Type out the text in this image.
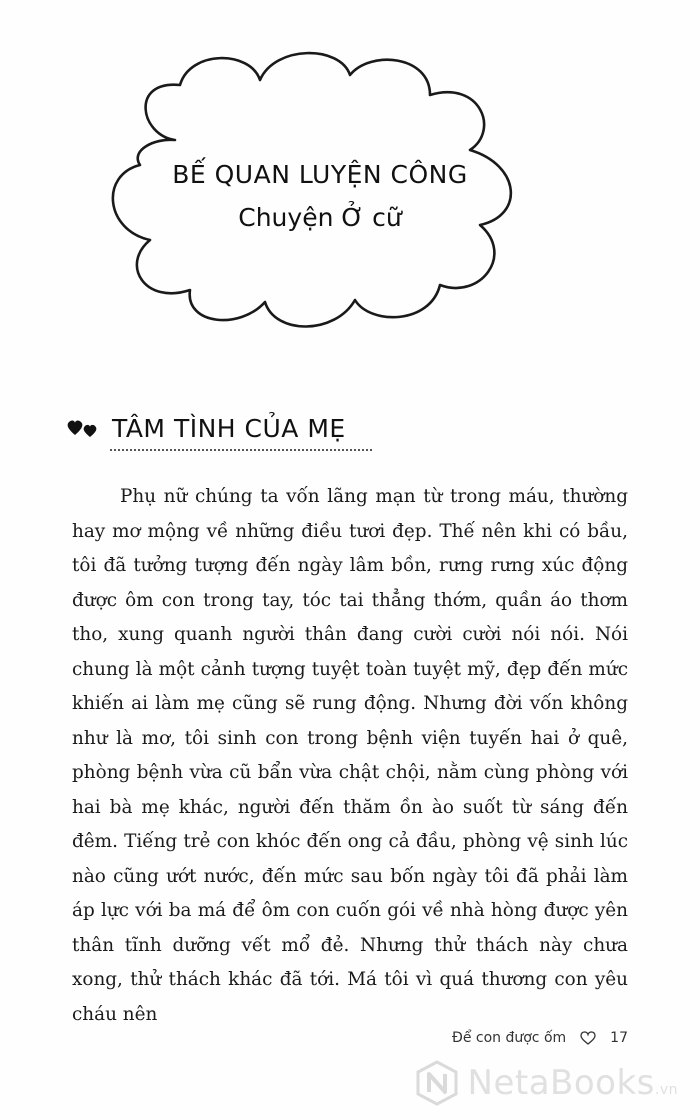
BẾ QUAN LUYỆN CÔNG
Chuyện Ở cữ
TÂM TÌNH CỦA MẸ
Phụ nữ chúng ta vốn lãng mạn từ trong máu, thường hay mơ mộng về những điều tươi đẹp. Thế nên khi có bầu, tôi đã tưởng tượng đến ngày lâm bồn, rưng rưng xúc động được ôm con trong tay, tóc tai thẳng thớm, quần áo thơm tho, xung quanh người thân đang cười cười nói nói. Nói chung là một cảnh tượng tuyệt toàn tuyệt mỹ, đẹp đến mức khiến ai làm mẹ cũng sẽ rung động. Nhưng đời vốn không như là mơ, tôi sinh con trong bệnh viện tuyến hai ở quê, phòng bệnh vừa cũ bẩn vừa chật chội, nằm cùng phòng với hai bà mẹ khác, người đến thăm ồn ào suốt từ sáng đến đêm. Tiếng trẻ con khóc đến ong cả đầu, phòng vệ sinh lúc nào cũng ướt nước, đến mức sau bốn ngày tôi đã phải làm áp lực với ba má để ôm con cuốn gói về nhà hòng được yên thân tĩnh dưỡng vết mổ đẻ. Nhưng thử thách này chưa xong, thử thách khác đã tới. Má tôi vì quá thương con yêu cháu nên
Để con được ốm	17
NetaBooks.vn
